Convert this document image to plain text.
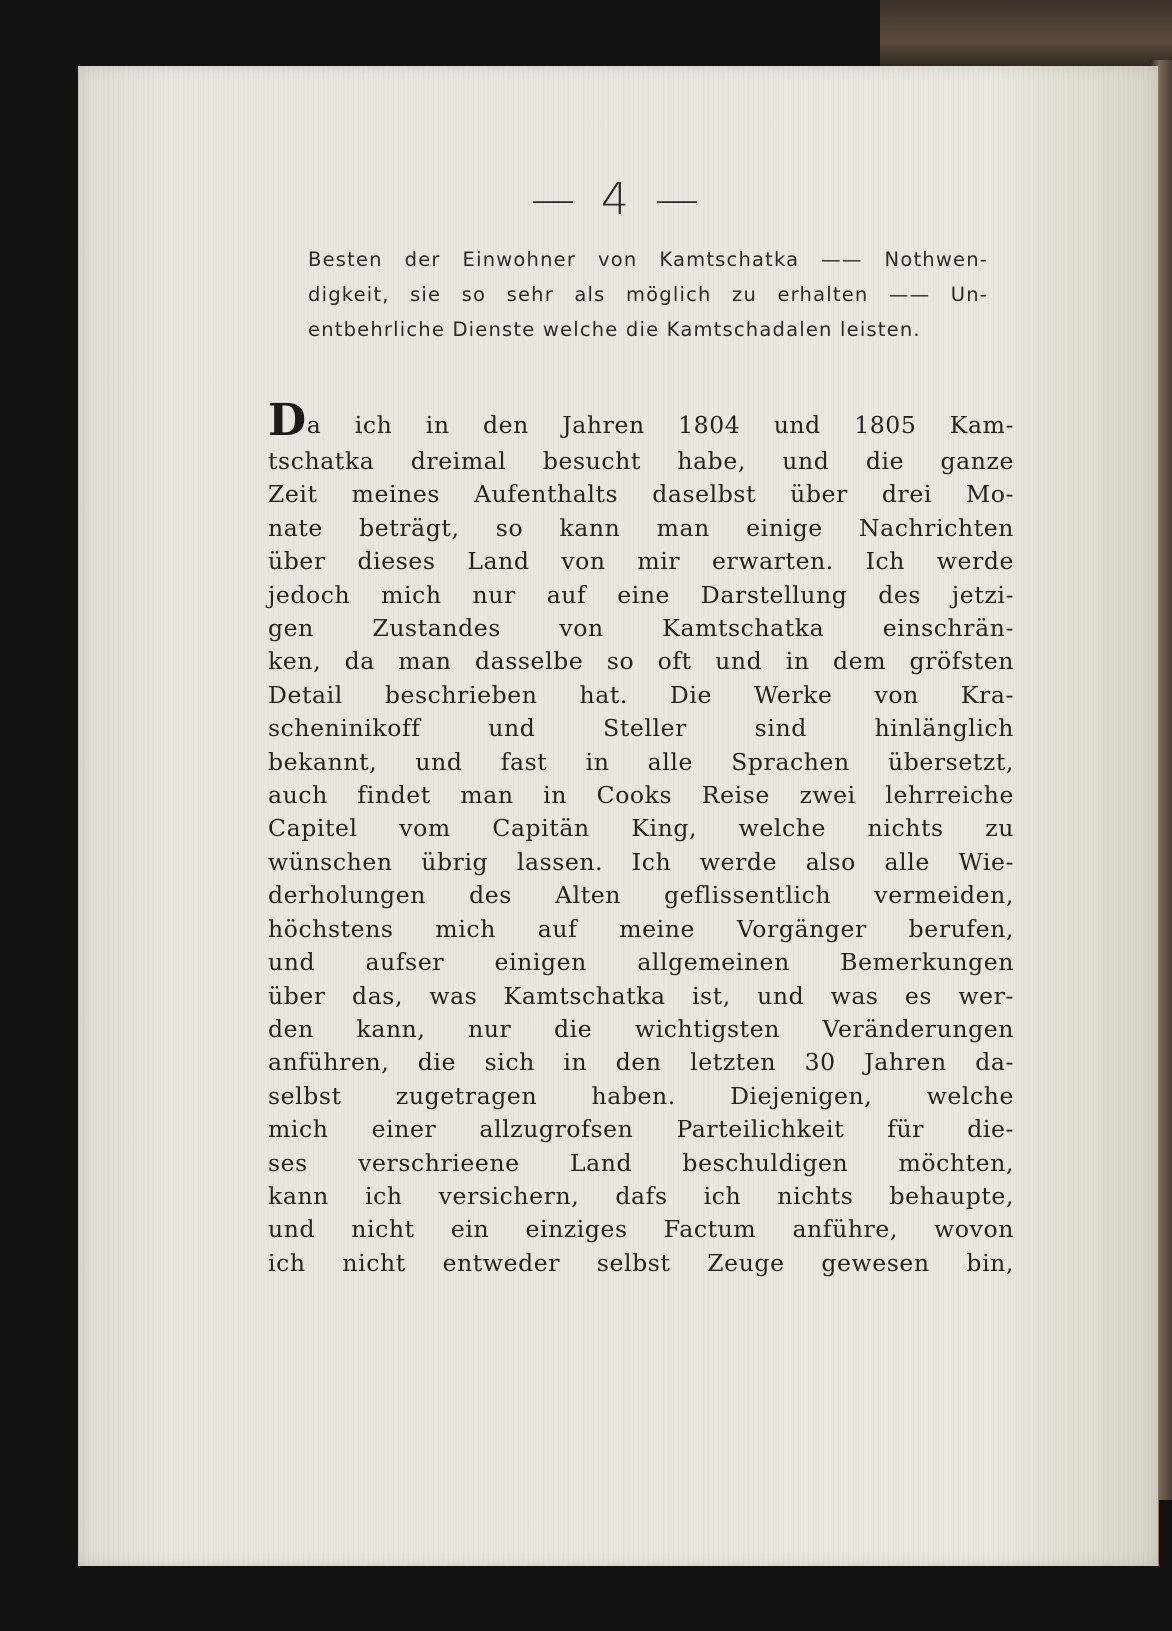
— 4 —
Besten der Einwohner von Kamtschatka —— Nothwen-
digkeit, sie so sehr als möglich zu erhalten —— Un-
entbehrliche Dienste welche die Kamtschadalen leisten.
Da ich in den Jahren 1804 und 1805 Kam-
tschatka dreimal besucht habe, und die ganze
Zeit meines Aufenthalts daselbst über drei Mo-
nate beträgt, so kann man einige Nachrichten
über dieses Land von mir erwarten. Ich werde
jedoch mich nur auf eine Darstellung des jetzi-
gen Zustandes von Kamtschatka einschrän-
ken, da man dasselbe so oft und in dem gröfsten
Detail beschrieben hat. Die Werke von Kra-
scheninikoff und Steller sind hinlänglich
bekannt, und fast in alle Sprachen übersetzt,
auch findet man in Cooks Reise zwei lehrreiche
Capitel vom Capitän King, welche nichts zu
wünschen übrig lassen. Ich werde also alle Wie-
derholungen des Alten geflissentlich vermeiden,
höchstens mich auf meine Vorgänger berufen,
und aufser einigen allgemeinen Bemerkungen
über das, was Kamtschatka ist, und was es wer-
den kann, nur die wichtigsten Veränderungen
anführen, die sich in den letzten 30 Jahren da-
selbst zugetragen haben. Diejenigen, welche
mich einer allzugrofsen Parteilichkeit für die-
ses verschrieene Land beschuldigen möchten,
kann ich versichern, dafs ich nichts behaupte,
und nicht ein einziges Factum anführe, wovon
ich nicht entweder selbst Zeuge gewesen bin,
